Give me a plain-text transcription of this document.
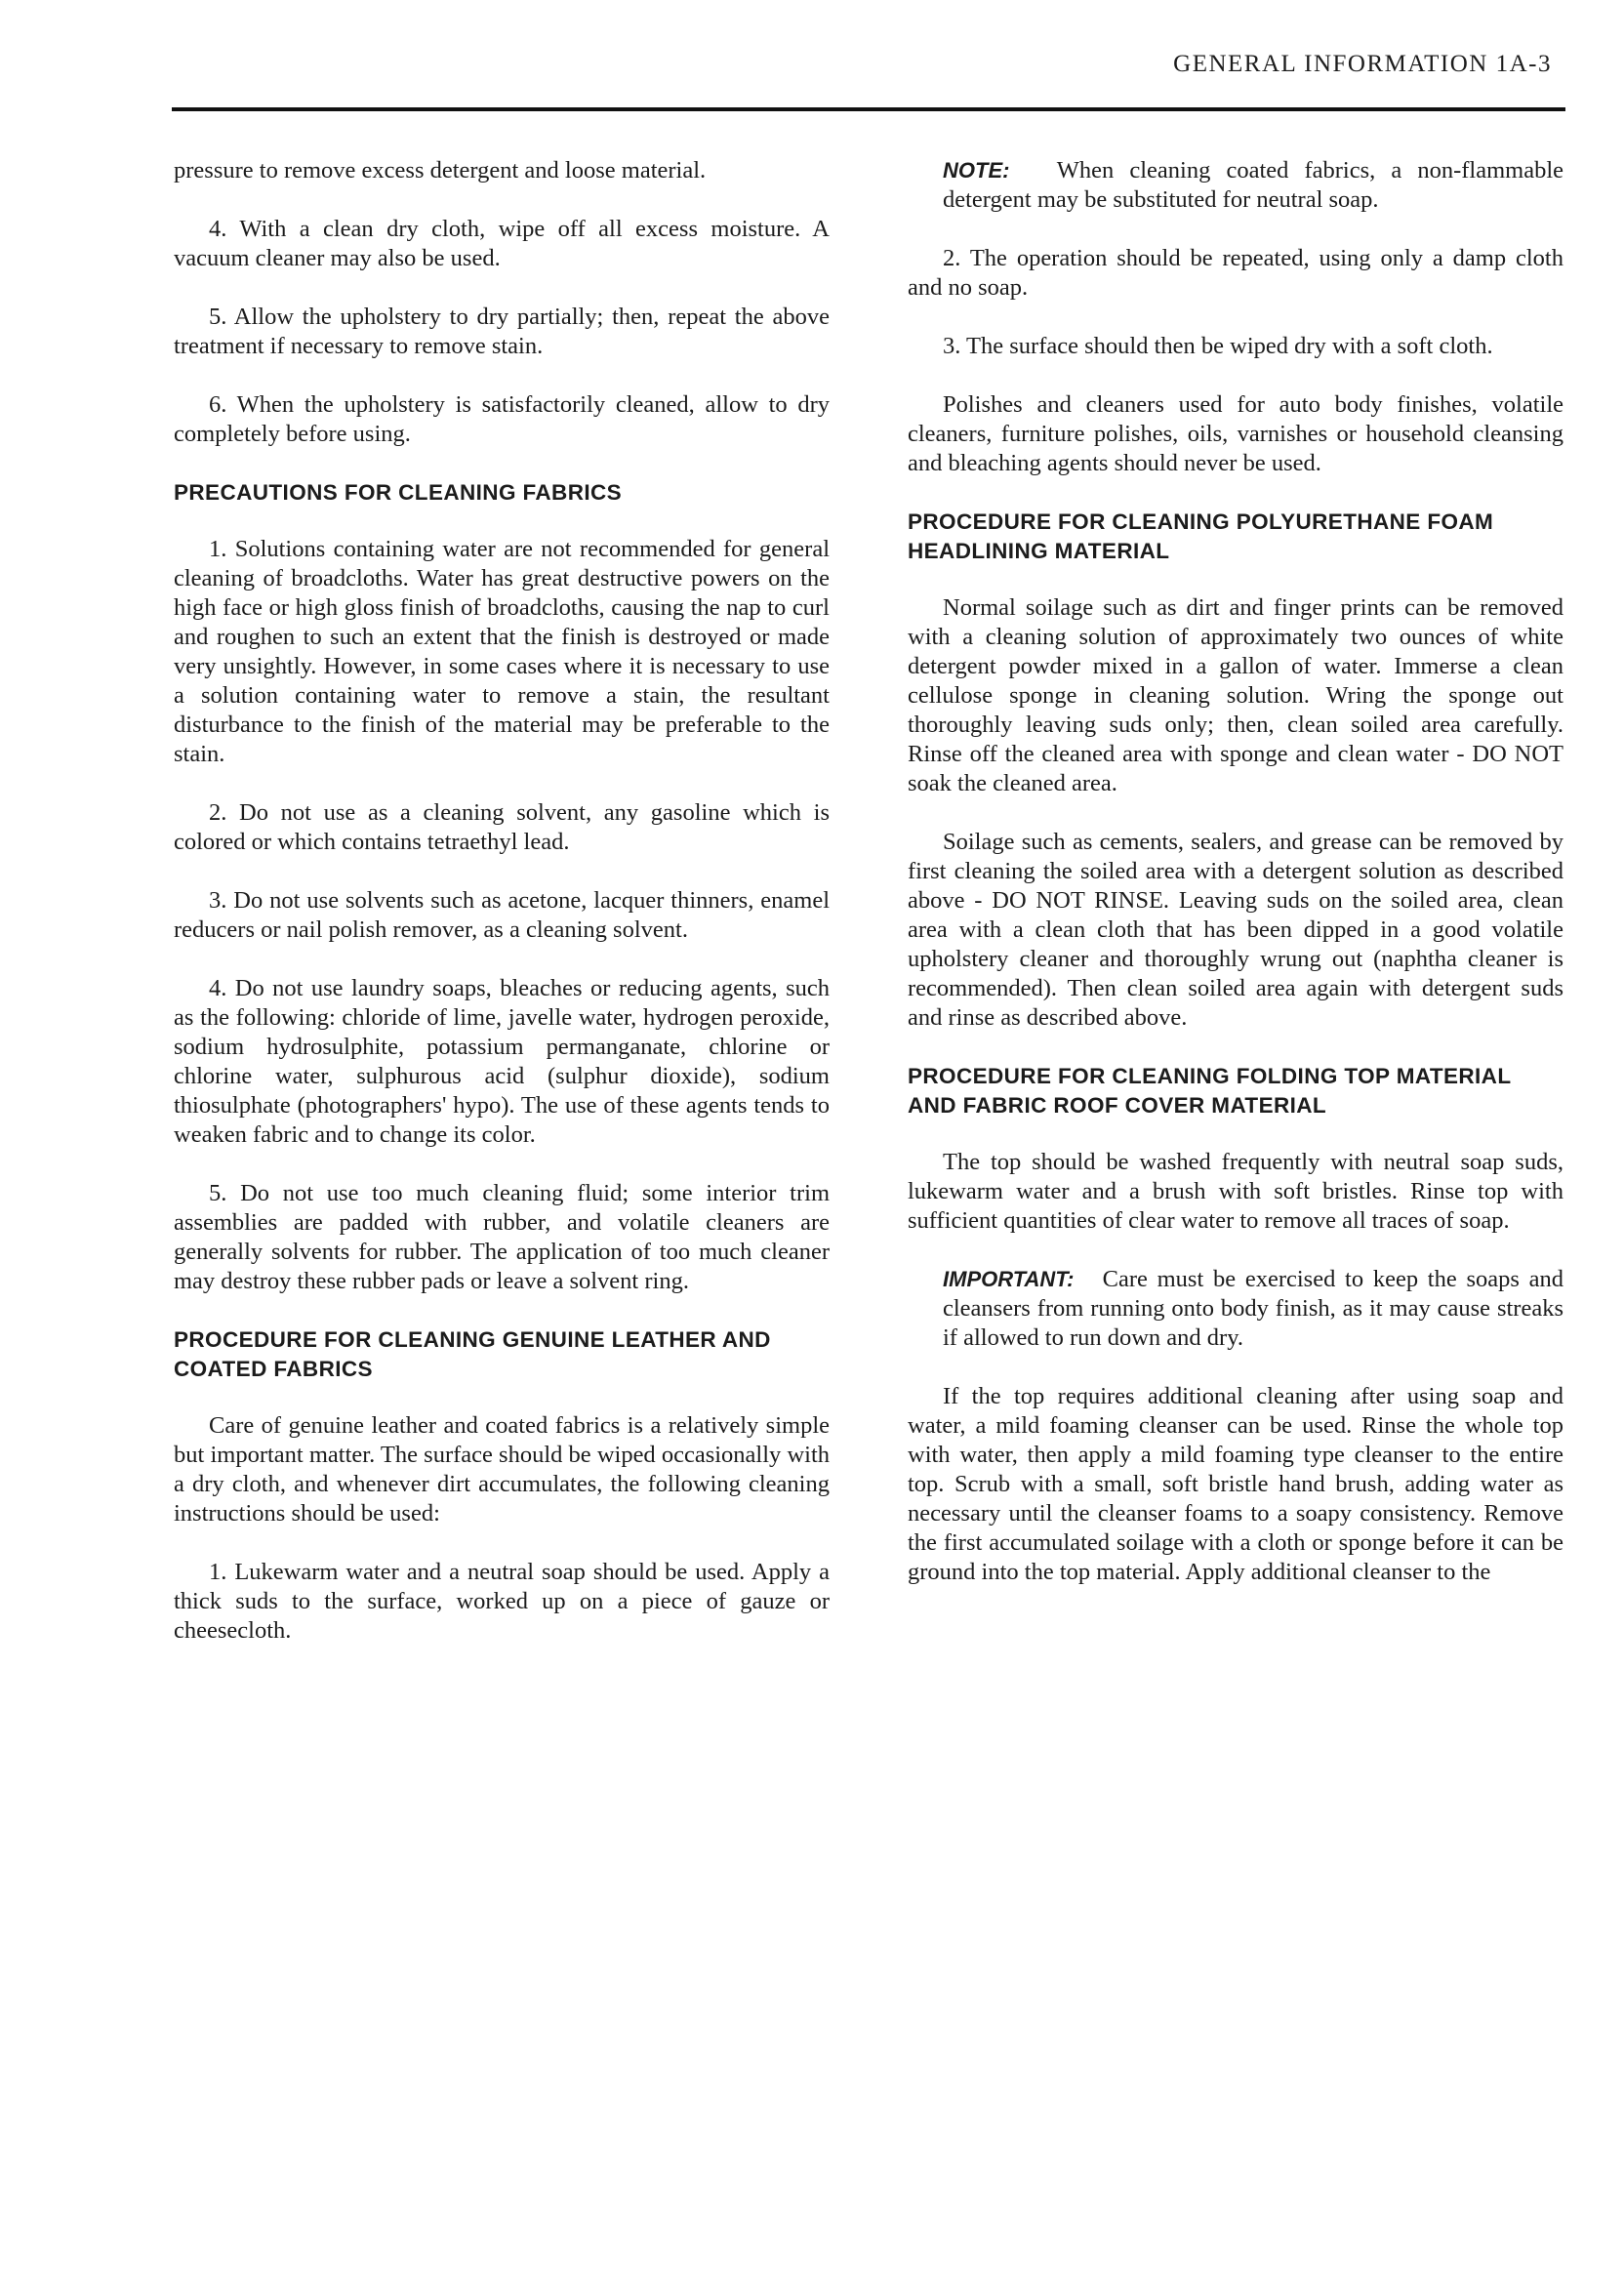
GENERAL INFORMATION 1A-3

pressure to remove excess detergent and loose material.

4. With a clean dry cloth, wipe off all excess moisture. A vacuum cleaner may also be used.

5. Allow the upholstery to dry partially; then, repeat the above treatment if necessary to remove stain.

6. When the upholstery is satisfactorily cleaned, allow to dry completely before using.

PRECAUTIONS FOR CLEANING FABRICS

1. Solutions containing water are not recommended for general cleaning of broadcloths. Water has great destructive powers on the high face or high gloss finish of broadcloths, causing the nap to curl and roughen to such an extent that the finish is destroyed or made very unsightly. However, in some cases where it is necessary to use a solution containing water to remove a stain, the resultant disturbance to the finish of the material may be preferable to the stain.

2. Do not use as a cleaning solvent, any gasoline which is colored or which contains tetraethyl lead.

3. Do not use solvents such as acetone, lacquer thinners, enamel reducers or nail polish remover, as a cleaning solvent.

4. Do not use laundry soaps, bleaches or reducing agents, such as the following: chloride of lime, javelle water, hydrogen peroxide, sodium hydrosulphite, potassium permanganate, chlorine or chlorine water, sulphurous acid (sulphur dioxide), sodium thiosulphate (photographers' hypo). The use of these agents tends to weaken fabric and to change its color.

5. Do not use too much cleaning fluid; some interior trim assemblies are padded with rubber, and volatile cleaners are generally solvents for rubber. The application of too much cleaner may destroy these rubber pads or leave a solvent ring.

PROCEDURE FOR CLEANING GENUINE LEATHER AND COATED FABRICS

Care of genuine leather and coated fabrics is a relatively simple but important matter. The surface should be wiped occasionally with a dry cloth, and whenever dirt accumulates, the following cleaning instructions should be used:

1. Lukewarm water and a neutral soap should be used. Apply a thick suds to the surface, worked up on a piece of gauze or cheesecloth.

NOTE: When cleaning coated fabrics, a non-flammable detergent may be substituted for neutral soap.

2. The operation should be repeated, using only a damp cloth and no soap.

3. The surface should then be wiped dry with a soft cloth.

Polishes and cleaners used for auto body finishes, volatile cleaners, furniture polishes, oils, varnishes or household cleansing and bleaching agents should never be used.

PROCEDURE FOR CLEANING POLYURETHANE FOAM HEADLINING MATERIAL

Normal soilage such as dirt and finger prints can be removed with a cleaning solution of approximately two ounces of white detergent powder mixed in a gallon of water. Immerse a clean cellulose sponge in cleaning solution. Wring the sponge out thoroughly leaving suds only; then, clean soiled area carefully. Rinse off the cleaned area with sponge and clean water - DO NOT soak the cleaned area.

Soilage such as cements, sealers, and grease can be removed by first cleaning the soiled area with a detergent solution as described above - DO NOT RINSE. Leaving suds on the soiled area, clean area with a clean cloth that has been dipped in a good volatile upholstery cleaner and thoroughly wrung out (naphtha cleaner is recommended). Then clean soiled area again with detergent suds and rinse as described above.

PROCEDURE FOR CLEANING FOLDING TOP MATERIAL AND FABRIC ROOF COVER MATERIAL

The top should be washed frequently with neutral soap suds, lukewarm water and a brush with soft bristles. Rinse top with sufficient quantities of clear water to remove all traces of soap.

IMPORTANT: Care must be exercised to keep the soaps and cleansers from running onto body finish, as it may cause streaks if allowed to run down and dry.

If the top requires additional cleaning after using soap and water, a mild foaming cleanser can be used. Rinse the whole top with water, then apply a mild foaming type cleanser to the entire top. Scrub with a small, soft bristle hand brush, adding water as necessary until the cleanser foams to a soapy consistency. Remove the first accumulated soilage with a cloth or sponge before it can be ground into the top material. Apply additional cleanser to the
